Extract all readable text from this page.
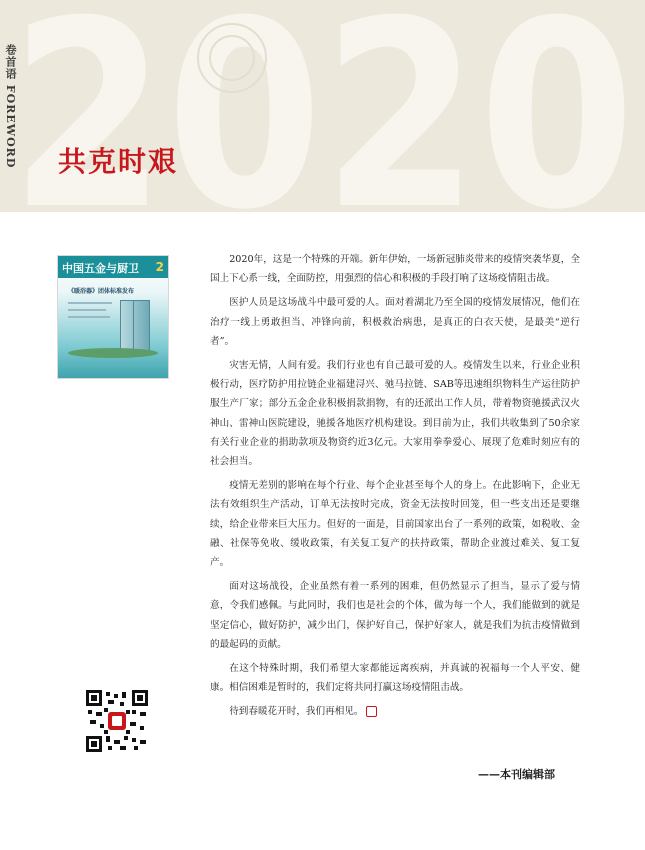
2020
卷首语 FOREWORD 共克时艰
中国五金与厨卫 2
《暖浴器》团体标准发布

2020年，这是一个特殊的开端。新年伊始，一场新冠肺炎带来的疫情突袭华夏，全国上下心系一线，全面防控，用强烈的信心和积极的手段打响了这场疫情阻击战。

医护人员是这场战斗中最可爱的人。面对着湖北乃至全国的疫情发展情况，他们在治疗一线上勇敢担当、冲锋向前，积极救治病患，是真正的白衣天使，是最美“逆行者”。

灾害无情，人间有爱。我们行业也有自己最可爱的人。疫情发生以来，行业企业积极行动，医疗防护用拉链企业福建浔兴、驰马拉链、SAB等迅速组织物料生产运往防护服生产厂家；部分五金企业积极捐款捐物，有的还派出工作人员，带着物资驰援武汉火神山、雷神山医院建设，驰援各地医疗机构建设。到目前为止，我们共收集到了50余家有关行业企业的捐助款项及物资约近3亿元。大家用拳拳爱心、展现了危难时刻应有的社会担当。

疫情无差别的影响在每个行业、每个企业甚至每个人的身上。在此影响下，企业无法有效组织生产活动，订单无法按时完成，资金无法按时回笼，但一些支出还是要继续，给企业带来巨大压力。但好的一面是，目前国家出台了一系列的政策，如税收、金融、社保等免收、缓收政策，有关复工复产的扶持政策，帮助企业渡过难关、复工复产。

面对这场战役，企业虽然有着一系列的困难，但仍然显示了担当，显示了爱与情意，令我们感佩。与此同时，我们也是社会的个体，做为每一个人，我们能做到的就是坚定信心，做好防护，减少出门，保护好自己，保护好家人，就是我们为抗击疫情做到的最起码的贡献。

在这个特殊时期，我们希望大家都能远离疾病，并真诚的祝福每一个人平安、健康。相信困难是暂时的，我们定将共同打赢这场疫情阻击战。

待到春暖花开时，我们再相见。

——本刊编辑部
